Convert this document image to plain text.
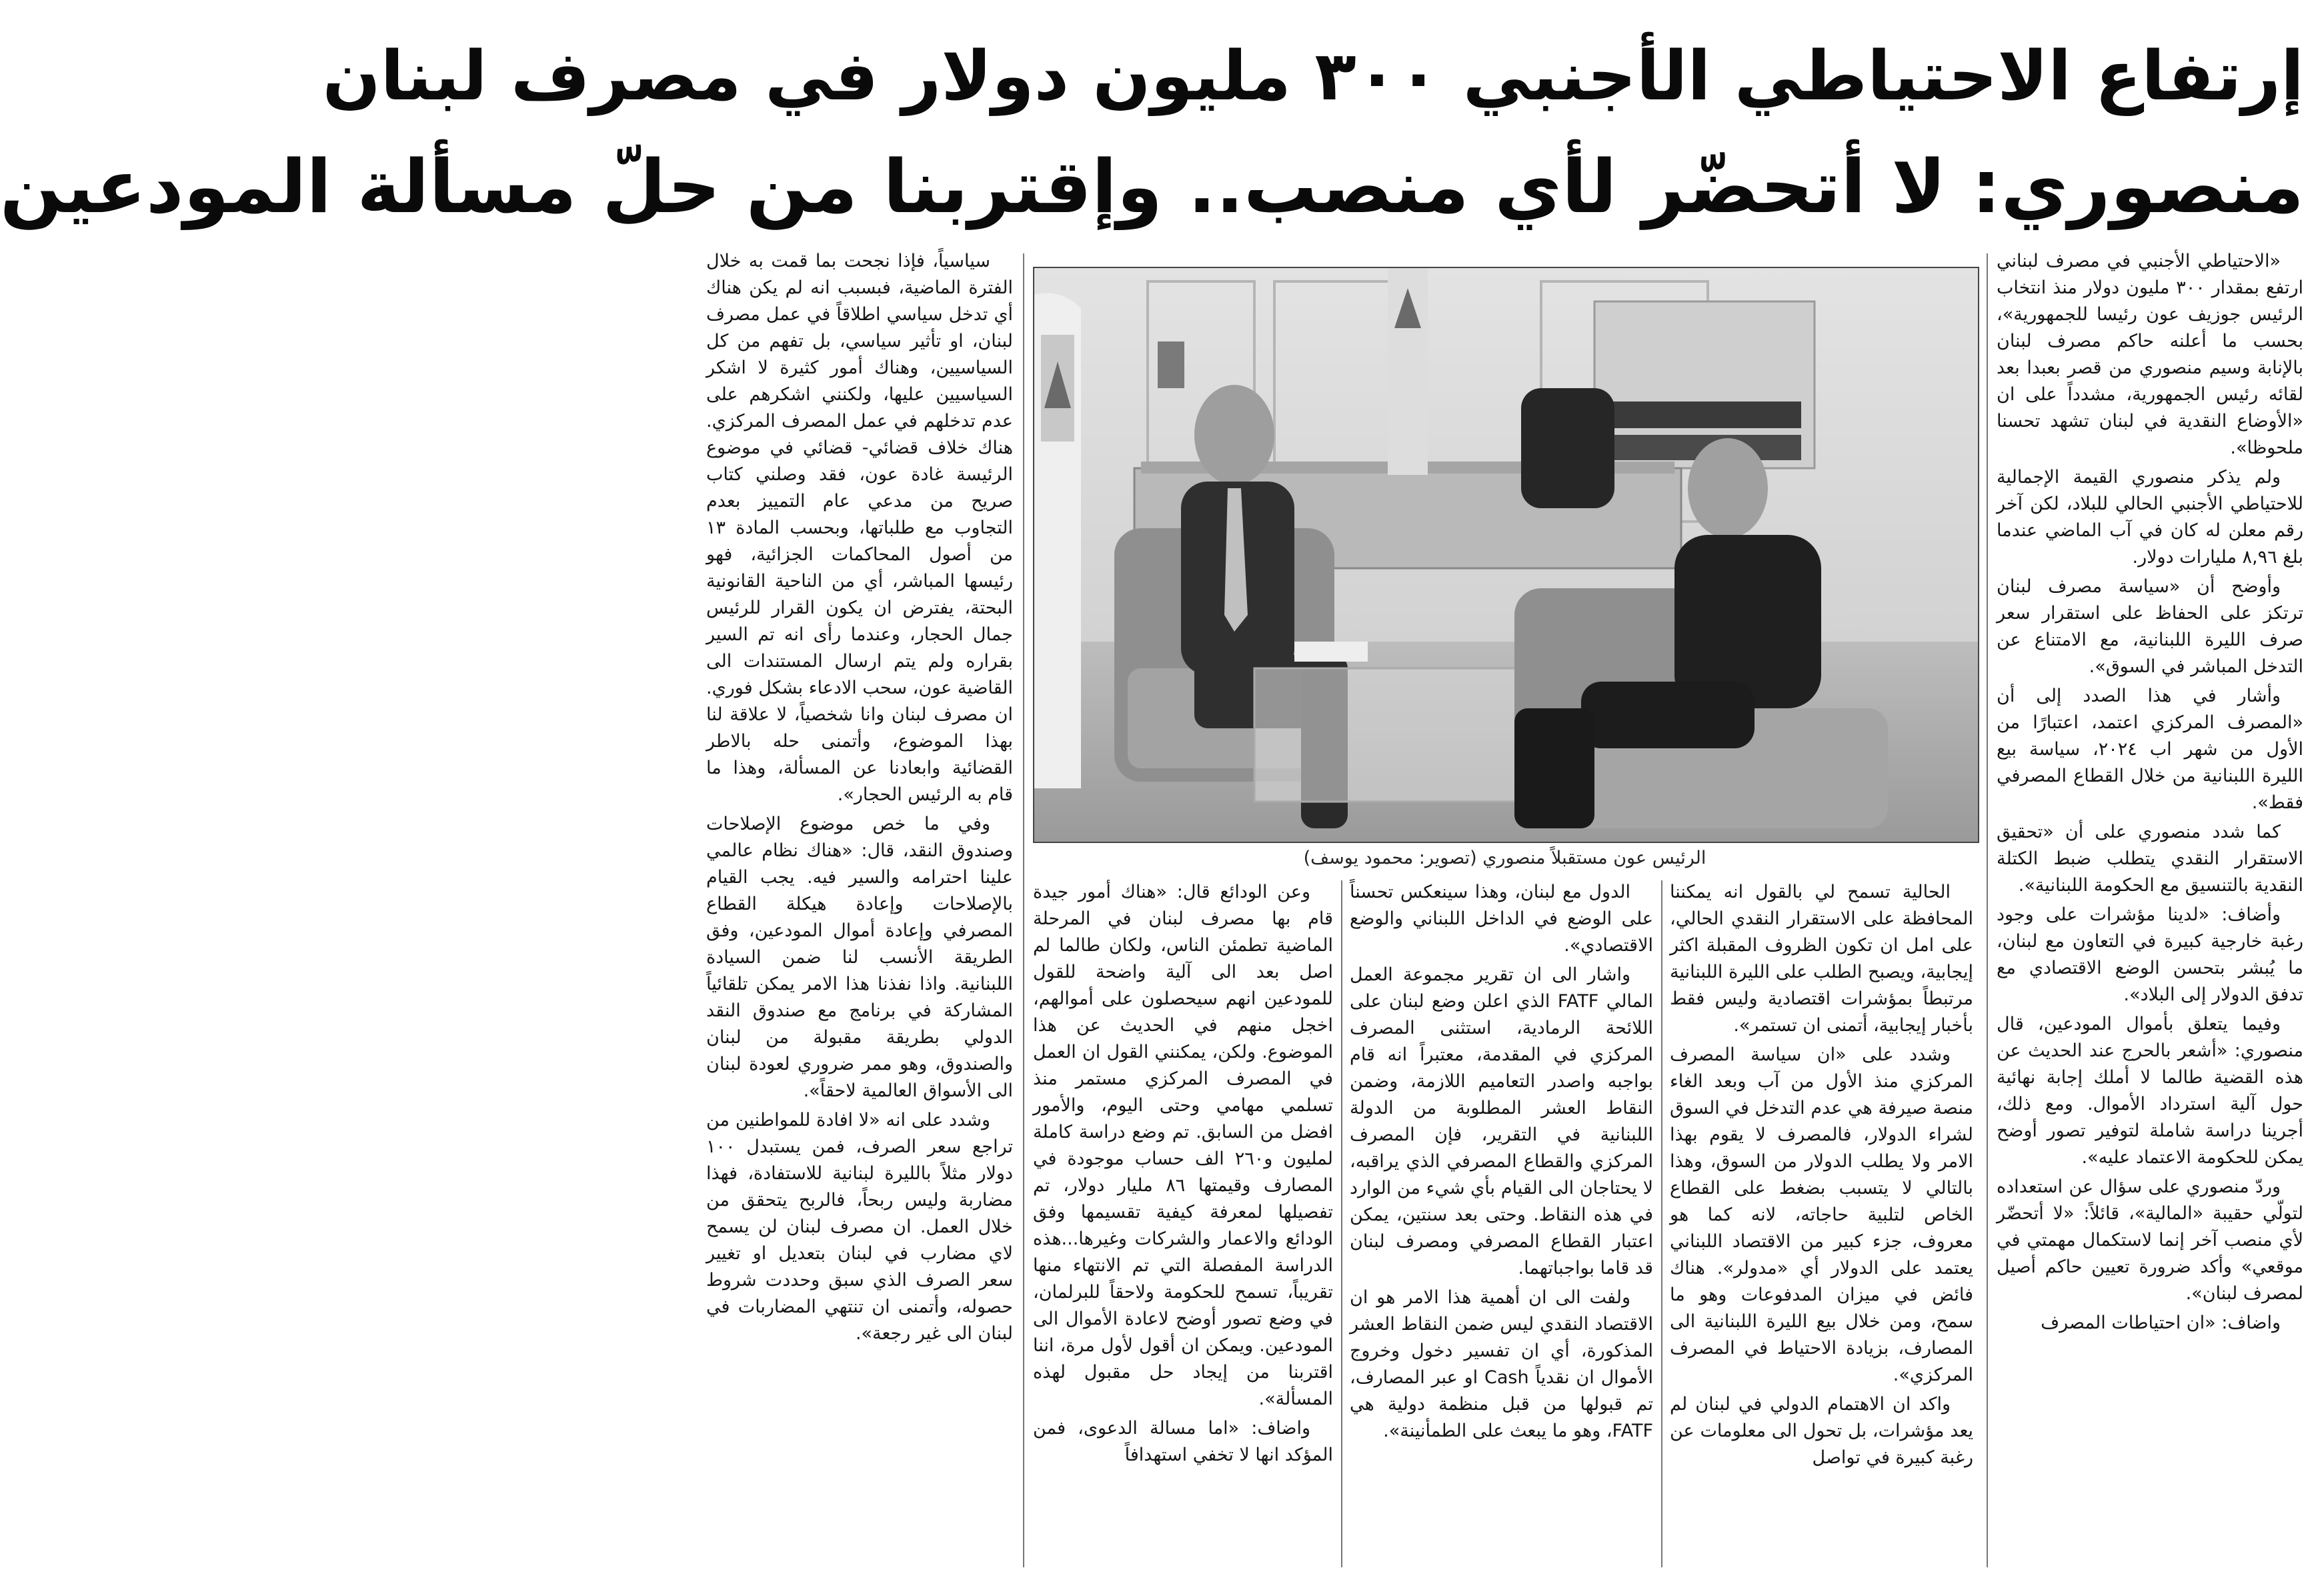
إرتفاع الاحتياطي الأجنبي ٣٠٠ مليون دولار في مصرف لبنان
منصوري: لا أتحضّر لأي منصب.. وإقتربنا من حلّ مسألة المودعين

«الاحتياطي الأجنبي في مصرف لبناني ارتفع بمقدار ٣٠٠ مليون دولار منذ انتخاب الرئيس جوزيف عون رئيسا للجمهورية»، بحسب ما أعلنه حاكم مصرف لبنان بالإنابة وسيم منصوري من قصر بعبدا بعد لقائه رئيس الجمهورية، مشدداً على ان «الأوضاع النقدية في لبنان تشهد تحسنا ملحوظا».

ولم يذكر منصوري القيمة الإجمالية للاحتياطي الأجنبي الحالي للبلاد، لكن آخر رقم معلن له كان في آب الماضي عندما بلغ ٨,٩٦ مليارات دولار.

وأوضح أن «سياسة مصرف لبنان ترتكز على الحفاظ على استقرار سعر صرف الليرة اللبنانية، مع الامتناع عن التدخل المباشر في السوق».

وأشار في هذا الصدد إلى أن «المصرف المركزي اعتمد، اعتبارًا من الأول من شهر اب ٢٠٢٤، سياسة بيع الليرة اللبنانية من خلال القطاع المصرفي فقط».

كما شدد منصوري على أن «تحقيق الاستقرار النقدي يتطلب ضبط الكتلة النقدية بالتنسيق مع الحكومة اللبنانية».

وأضاف: «لدينا مؤشرات على وجود رغبة خارجية كبيرة في التعاون مع لبنان، ما يُبشر بتحسن الوضع الاقتصادي مع تدفق الدولار إلى البلاد».

وفيما يتعلق بأموال المودعين، قال منصوري: «أشعر بالحرج عند الحديث عن هذه القضية طالما لا أملك إجابة نهائية حول آلية استرداد الأموال. ومع ذلك، أجرينا دراسة شاملة لتوفير تصور أوضح يمكن للحكومة الاعتماد عليه».

وردّ منصوري على سؤال عن استعداده لتولّي حقيبة «المالية»، قائلاً: «لا أتحضّر لأي منصب آخر إنما لاستكمال مهمتي في موقعي» وأكد ضرورة تعيين حاكم أصيل لمصرف لبنان».

واضاف: «ان احتياطات المصرف

الرئيس عون مستقبلاً منصوري (تصوير: محمود يوسف)

الحالية تسمح لي بالقول انه يمكننا المحافظة على الاستقرار النقدي الحالي، على امل ان تكون الظروف المقبلة اكثر إيجابية، ويصبح الطلب على الليرة اللبنانية مرتبطاً بمؤشرات اقتصادية وليس فقط بأخبار إيجابية، أتمنى ان تستمر».

وشدد على «ان سياسة المصرف المركزي منذ الأول من آب وبعد الغاء منصة صيرفة هي عدم التدخل في السوق لشراء الدولار، فالمصرف لا يقوم بهذا الامر ولا يطلب الدولار من السوق، وهذا بالتالي لا يتسبب بضغط على القطاع الخاص لتلبية حاجاته، لانه كما هو معروف، جزء كبير من الاقتصاد اللبناني يعتمد على الدولار أي «مدولر». هناك فائض في ميزان المدفوعات وهو ما سمح، ومن خلال بيع الليرة اللبنانية الى المصارف، بزيادة الاحتياط في المصرف المركزي».

واكد ان الاهتمام الدولي في لبنان لم يعد مؤشرات، بل تحول الى معلومات عن رغبة كبيرة في تواصل

الدول مع لبنان، وهذا سينعكس تحسناً على الوضع في الداخل اللبناني والوضع الاقتصادي».

واشار الى ان تقرير مجموعة العمل المالي FATF الذي اعلن وضع لبنان على اللائحة الرمادية، استثنى المصرف المركزي في المقدمة، معتبراً انه قام بواجبه واصدر التعاميم اللازمة، وضمن النقاط العشر المطلوبة من الدولة اللبنانية في التقرير، فإن المصرف المركزي والقطاع المصرفي الذي يراقبه، لا يحتاجان الى القيام بأي شيء من الوارد في هذه النقاط. وحتى بعد سنتين، يمكن اعتبار القطاع المصرفي ومصرف لبنان قد قاما بواجباتهما.

ولفت الى ان أهمية هذا الامر هو ان الاقتصاد النقدي ليس ضمن النقاط العشر المذكورة، أي ان تفسير دخول وخروج الأموال ان نقدياً Cash او عبر المصارف، تم قبولها من قبل منظمة دولية هي FATF، وهو ما يبعث على الطمأنينة».

وعن الودائع قال: «هناك أمور جيدة قام بها مصرف لبنان في المرحلة الماضية تطمئن الناس، ولكان طالما لم اصل بعد الى آلية واضحة للقول للمودعين انهم سيحصلون على أموالهم، اخجل منهم في الحديث عن هذا الموضوع. ولكن، يمكنني القول ان العمل في المصرف المركزي مستمر منذ تسلمي مهامي وحتى اليوم، والأمور افضل من السابق. تم وضع دراسة كاملة لمليون و٢٦٠ الف حساب موجودة في المصارف وقيمتها ٨٦ مليار دولار، تم تفصيلها لمعرفة كيفية تقسيمها وفق الودائع والاعمار والشركات وغيرها...هذه الدراسة المفصلة التي تم الانتهاء منها تقريباً، تسمح للحكومة ولاحقاً للبرلمان، في وضع تصور أوضح لاعادة الأموال الى المودعين. ويمكن ان أقول لأول مرة، اننا اقتربنا من إيجاد حل مقبول لهذه المسألة».

واضاف: «اما مسالة الدعوى، فمن المؤكد انها لا تخفي استهدافاً

سياسياً، فإذا نجحت بما قمت به خلال الفترة الماضية، فبسبب انه لم يكن هناك أي تدخل سياسي اطلاقاً في عمل مصرف لبنان، او تأثير سياسي، بل تفهم من كل السياسيين، وهناك أمور كثيرة لا اشكر السياسيين عليها، ولكنني اشكرهم على عدم تدخلهم في عمل المصرف المركزي. هناك خلاف قضائي- قضائي في موضوع الرئيسة غادة عون، فقد وصلني كتاب صريح من مدعي عام التمييز بعدم التجاوب مع طلباتها، وبحسب المادة ١٣ من أصول المحاكمات الجزائية، فهو رئيسها المباشر، أي من الناحية القانونية البحتة، يفترض ان يكون القرار للرئيس جمال الحجار، وعندما رأى انه تم السير بقراره ولم يتم ارسال المستندات الى القاضية عون، سحب الادعاء بشكل فوري. ان مصرف لبنان وانا شخصياً، لا علاقة لنا بهذا الموضوع، وأتمنى حله بالاطر القضائية وابعادنا عن المسألة، وهذا ما قام به الرئيس الحجار».

وفي ما خص موضوع الإصلاحات وصندوق النقد، قال: «هناك نظام عالمي علينا احترامه والسير فيه. يجب القيام بالإصلاحات وإعادة هيكلة القطاع المصرفي وإعادة أموال المودعين، وفق الطريقة الأنسب لنا ضمن السيادة اللبنانية. واذا نفذنا هذا الامر يمكن تلقائياً المشاركة في برنامج مع صندوق النقد الدولي بطريقة مقبولة من لبنان والصندوق، وهو ممر ضروري لعودة لبنان الى الأسواق العالمية لاحقاً».

وشدد على انه «لا افادة للمواطنين من تراجع سعر الصرف، فمن يستبدل ١٠٠ دولار مثلاً بالليرة لبنانية للاستفادة، فهذا مضاربة وليس ربحاً، فالربح يتحقق من خلال العمل. ان مصرف لبنان لن يسمح لاي مضارب في لبنان بتعديل او تغيير سعر الصرف الذي سبق وحددت شروط حصوله، وأتمنى ان تنتهي المضاربات في لبنان الى غير رجعة».
